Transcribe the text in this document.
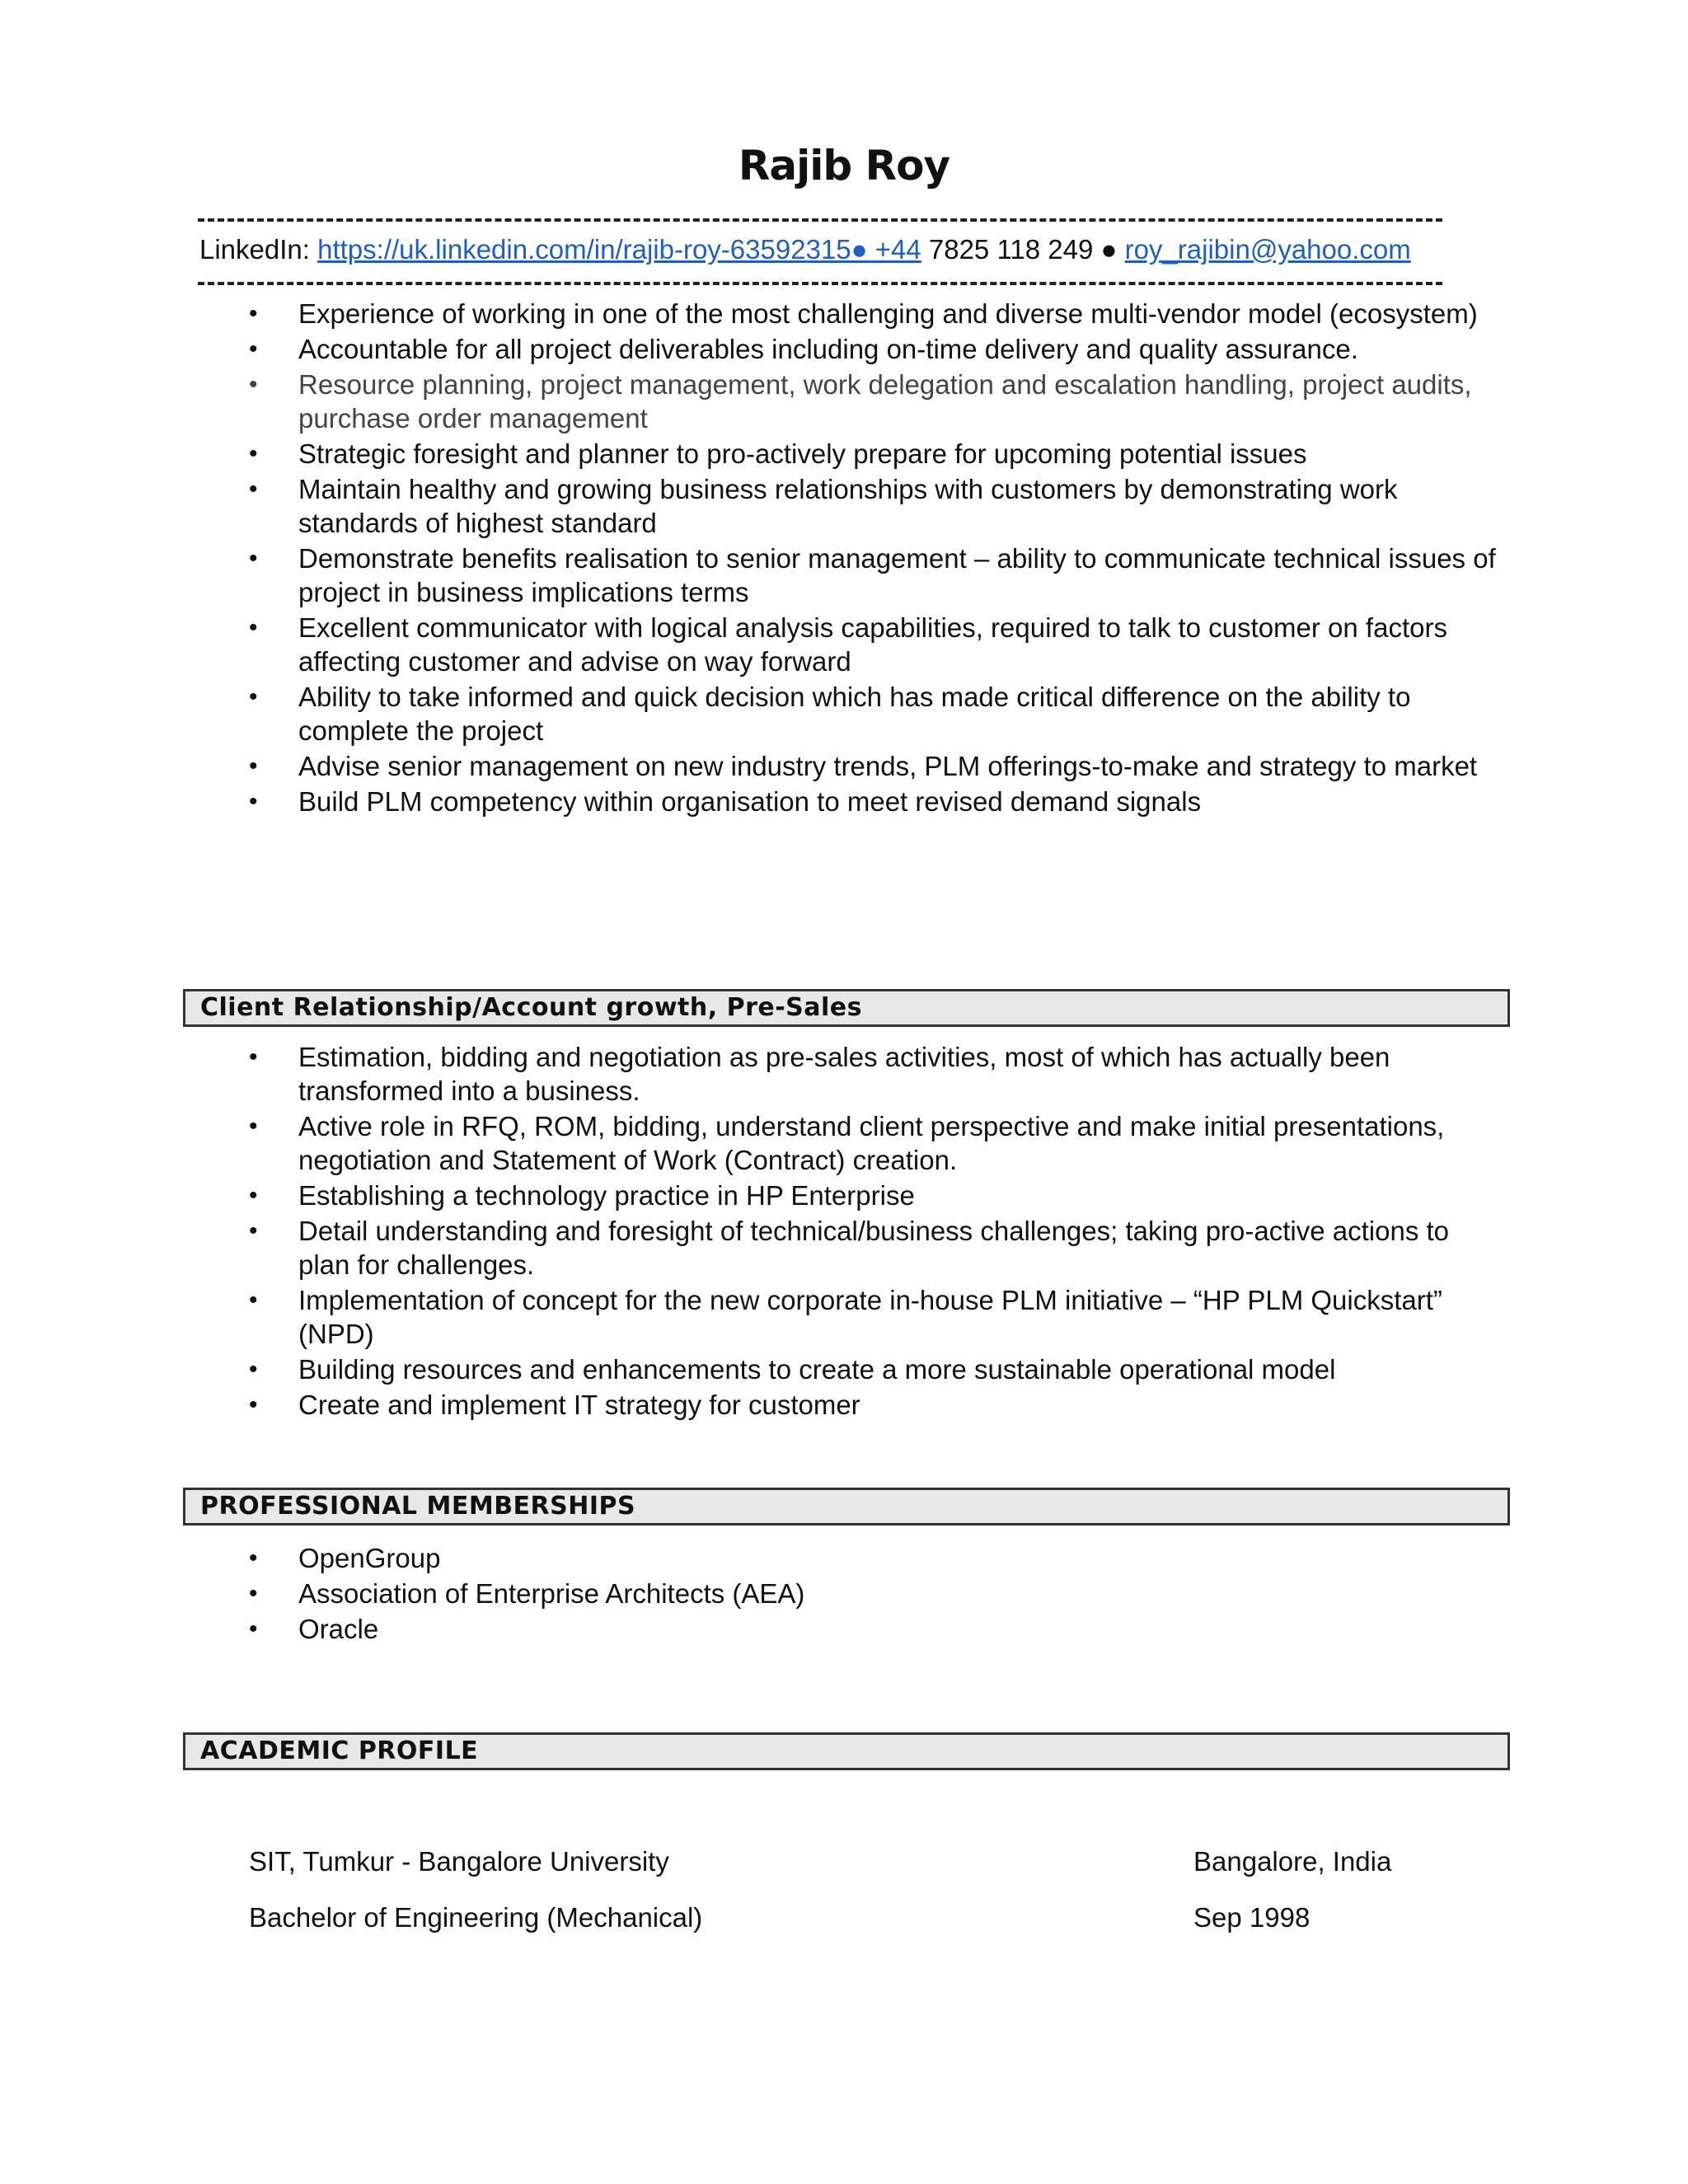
Rajib Roy
LinkedIn: https://uk.linkedin.com/in/rajib-roy-63592315● +44 7825 118 249 ● roy_rajibin@yahoo.com
• Experience of working in one of the most challenging and diverse multi-vendor model (ecosystem)
• Accountable for all project deliverables including on-time delivery and quality assurance.
• Resource planning, project management, work delegation and escalation handling, project audits, purchase order management
• Strategic foresight and planner to pro-actively prepare for upcoming potential issues
• Maintain healthy and growing business relationships with customers by demonstrating work standards of highest standard
• Demonstrate benefits realisation to senior management – ability to communicate technical issues of project in business implications terms
• Excellent communicator with logical analysis capabilities, required to talk to customer on factors affecting customer and advise on way forward
• Ability to take informed and quick decision which has made critical difference on the ability to complete the project
• Advise senior management on new industry trends, PLM offerings-to-make and strategy to market
• Build PLM competency within organisation to meet revised demand signals
Client Relationship/Account growth, Pre-Sales
• Estimation, bidding and negotiation as pre-sales activities, most of which has actually been transformed into a business.
• Active role in RFQ, ROM, bidding, understand client perspective and make initial presentations, negotiation and Statement of Work (Contract) creation.
• Establishing a technology practice in HP Enterprise
• Detail understanding and foresight of technical/business challenges; taking pro-active actions to plan for challenges.
• Implementation of concept for the new corporate in-house PLM initiative – “HP PLM Quickstart” (NPD)
• Building resources and enhancements to create a more sustainable operational model
• Create and implement IT strategy for customer
PROFESSIONAL MEMBERSHIPS
• OpenGroup
• Association of Enterprise Architects (AEA)
• Oracle
ACADEMIC PROFILE
SIT, Tumkur - Bangalore University	Bangalore, India
Bachelor of Engineering (Mechanical)	Sep 1998
